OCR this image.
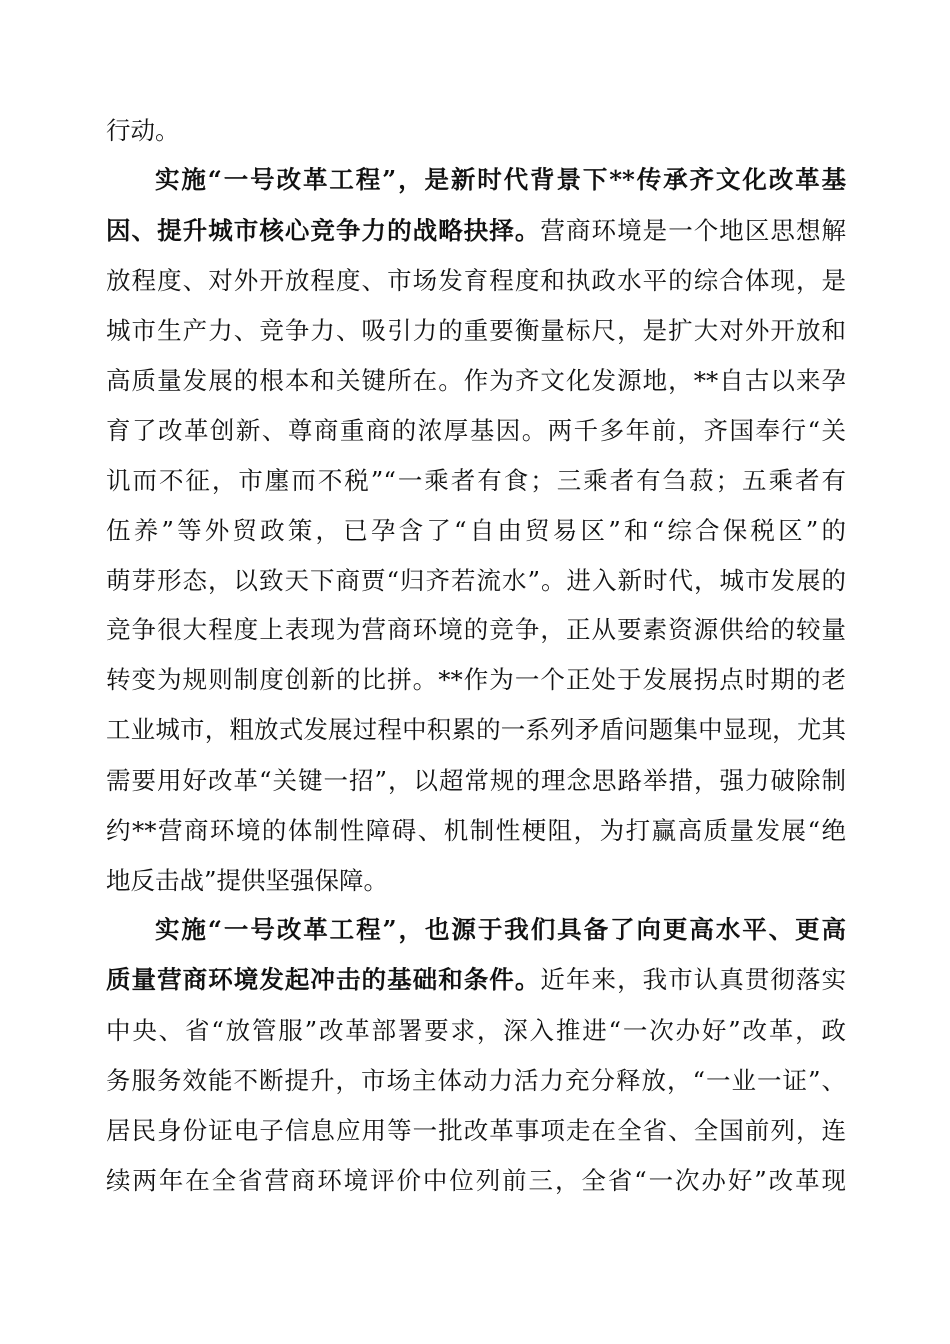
行动。
实施“一号改革工程”，是新时代背景下**传承齐文化改革基
因、提升城市核心竞争力的战略抉择。营商环境是一个地区思想解
放程度、对外开放程度、市场发育程度和执政水平的综合体现，是
城市生产力、竞争力、吸引力的重要衡量标尺，是扩大对外开放和
高质量发展的根本和关键所在。作为齐文化发源地，**自古以来孕
育了改革创新、尊商重商的浓厚基因。两千多年前，齐国奉行“关
讥而不征，市廛而不税”“一乘者有食；三乘者有刍菽；五乘者有
伍养”等外贸政策，已孕含了“自由贸易区”和“综合保税区”的
萌芽形态，以致天下商贾“归齐若流水”。进入新时代，城市发展的
竞争很大程度上表现为营商环境的竞争，正从要素资源供给的较量
转变为规则制度创新的比拼。**作为一个正处于发展拐点时期的老
工业城市，粗放式发展过程中积累的一系列矛盾问题集中显现，尤其
需要用好改革“关键一招”，以超常规的理念思路举措，强力破除制
约**营商环境的体制性障碍、机制性梗阻，为打赢高质量发展“绝
地反击战”提供坚强保障。
实施“一号改革工程”，也源于我们具备了向更高水平、更高
质量营商环境发起冲击的基础和条件。近年来，我市认真贯彻落实
中央、省“放管服”改革部署要求，深入推进“一次办好”改革，政
务服务效能不断提升，市场主体动力活力充分释放，“一业一证”、
居民身份证电子信息应用等一批改革事项走在全省、全国前列，连
续两年在全省营商环境评价中位列前三，全省“一次办好”改革现
